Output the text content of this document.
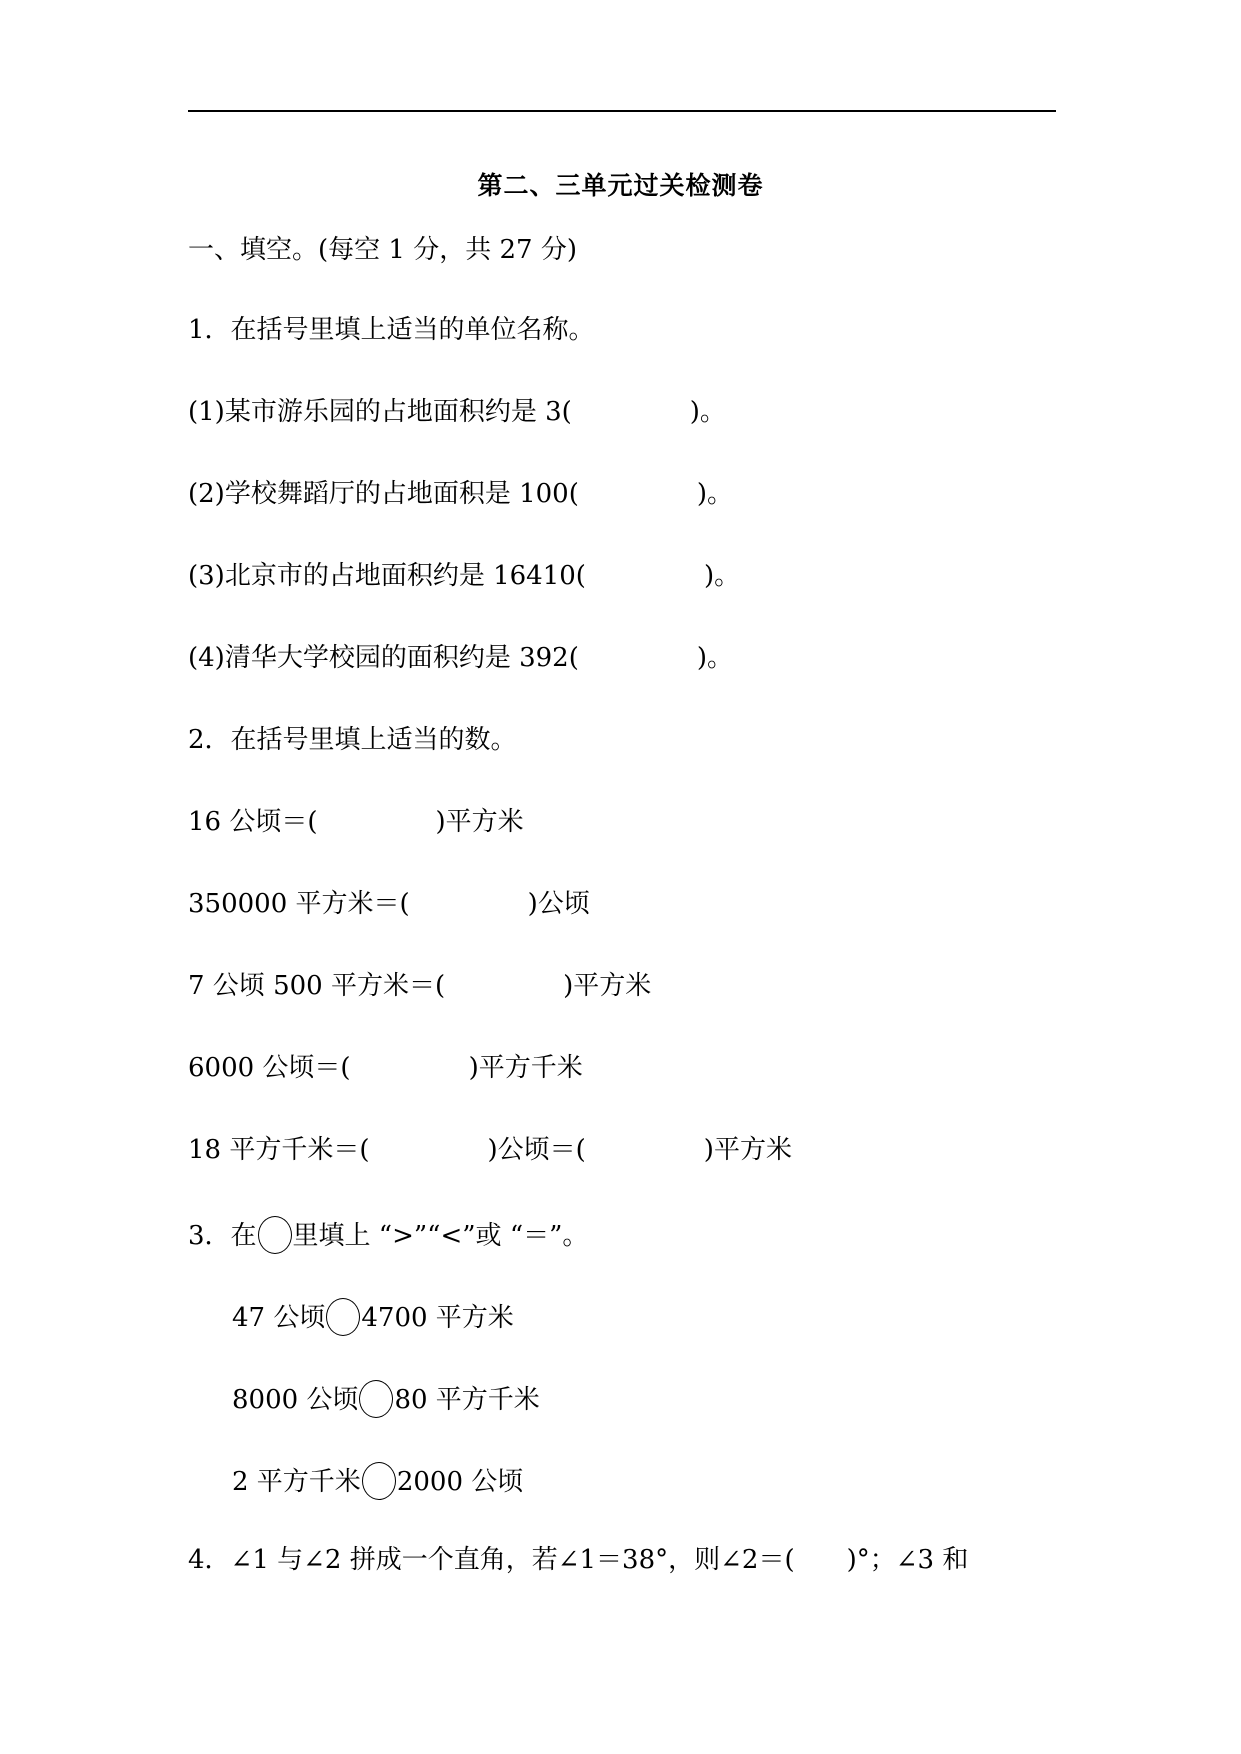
第二、三单元过关检测卷
一、填空。(每空 1 分，共 27 分)
1．在括号里填上适当的单位名称。
(1)某市游乐园的占地面积约是 3(	)。
(2)学校舞蹈厅的占地面积是 100(	)。
(3)北京市的占地面积约是 16410(	)。
(4)清华大学校园的面积约是 392(	)。
2．在括号里填上适当的数。
16 公顷＝(	)平方米
350000 平方米＝(	)公顷
7 公顷 500 平方米＝(	)平方米
6000 公顷＝(	)平方千米
18 平方千米＝(	)公顷＝(	)平方米
3．在 里填上 “>”“<”或 “＝”。
47 公顷 4700 平方米
8000 公顷 80 平方千米
2 平方千米 2000 公顷
4．∠1 与∠2 拼成一个直角，若∠1＝38°，则∠2＝( )°；∠3 和
